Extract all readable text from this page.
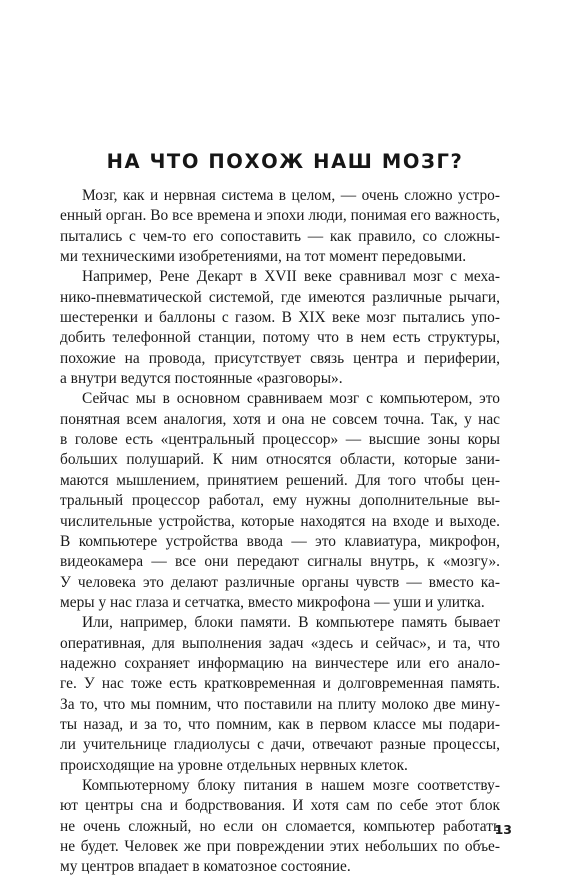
НА ЧТО ПОХОЖ НАШ МОЗГ?
Мозг, как и нервная система в целом, — очень сложно устро-
енный орган. Во все времена и эпохи люди, понимая его важность,
пытались с чем-то его сопоставить — как правило, со сложны-
ми техническими изобретениями, на тот момент передовыми.
Например, Рене Декарт в XVII веке сравнивал мозг с меха-
нико-пневматической системой, где имеются различные рычаги,
шестеренки и баллоны с газом. В XIX веке мозг пытались упо-
добить телефонной станции, потому что в нем есть структуры,
похожие на провода, присутствует связь центра и периферии,
а внутри ведутся постоянные «разговоры».
Сейчас мы в основном сравниваем мозг с компьютером, это
понятная всем аналогия, хотя и она не совсем точна. Так, у нас
в голове есть «центральный процессор» — высшие зоны коры
больших полушарий. К ним относятся области, которые зани-
маются мышлением, принятием решений. Для того чтобы цен-
тральный процессор работал, ему нужны дополнительные вы-
числительные устройства, которые находятся на входе и выходе.
В компьютере устройства ввода — это клавиатура, микрофон,
видеокамера — все они передают сигналы внутрь, к «мозгу».
У человека это делают различные органы чувств — вместо ка-
меры у нас глаза и сетчатка, вместо микрофона — уши и улитка.
Или, например, блоки памяти. В компьютере память бывает
оперативная, для выполнения задач «здесь и сейчас», и та, что
надежно сохраняет информацию на винчестере или его анало-
ге. У нас тоже есть кратковременная и долговременная память.
За то, что мы помним, что поставили на плиту молоко две мину-
ты назад, и за то, что помним, как в первом классе мы подари-
ли учительнице гладиолусы с дачи, отвечают разные процессы,
происходящие на уровне отдельных нервных клеток.
Компьютерному блоку питания в нашем мозге соответству-
ют центры сна и бодрствования. И хотя сам по себе этот блок
не очень сложный, но если он сломается, компьютер работать
не будет. Человек же при повреждении этих небольших по объе-
му центров впадает в коматозное состояние.
13
